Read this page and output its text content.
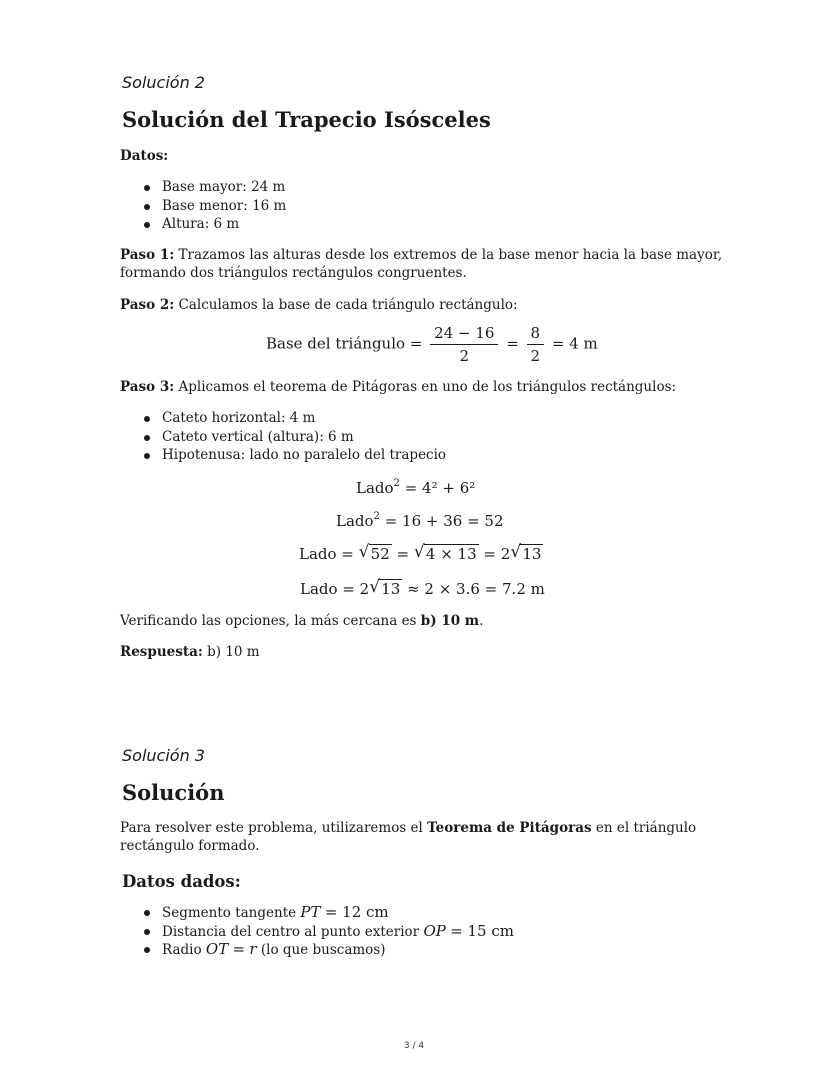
Solución 2
Solución del Trapecio Isósceles
Datos:
Base mayor: 24 m
Base menor: 16 m
Altura: 6 m
Paso 1: Trazamos las alturas desde los extremos de la base menor hacia la base mayor,
formando dos triángulos rectángulos congruentes.
Paso 2: Calculamos la base de cada triángulo rectángulo:
Base del triángulo = $\frac{24 - 16}{2} = \frac{8}{2} = 4$ m
Paso 3: Aplicamos el teorema de Pitágoras en uno de los triángulos rectángulos:
Cateto horizontal: 4 m
Cateto vertical (altura): 6 m
Hipotenusa: lado no paralelo del trapecio
Lado$^2$ = 4² + 6²
Lado$^2$ = 16 + 36 = 52
Lado = √ 52 = √ 4 × 13 = 2 √ 13
Lado = 2 √ 13 ≈ 2 × 3.6 = 7.2 m
Verificando las opciones, la más cercana es b) 10 m.
Respuesta: b) 10 m
Solución 3
Solución
Para resolver este problema, utilizaremos el Teorema de Pitágoras en el triángulo
rectángulo formado.
Datos dados:
Segmento tangente PT = 12 cm
Distancia del centro al punto exterior OP = 15 cm
Radio OT = r (lo que buscamos)
3 / 4
